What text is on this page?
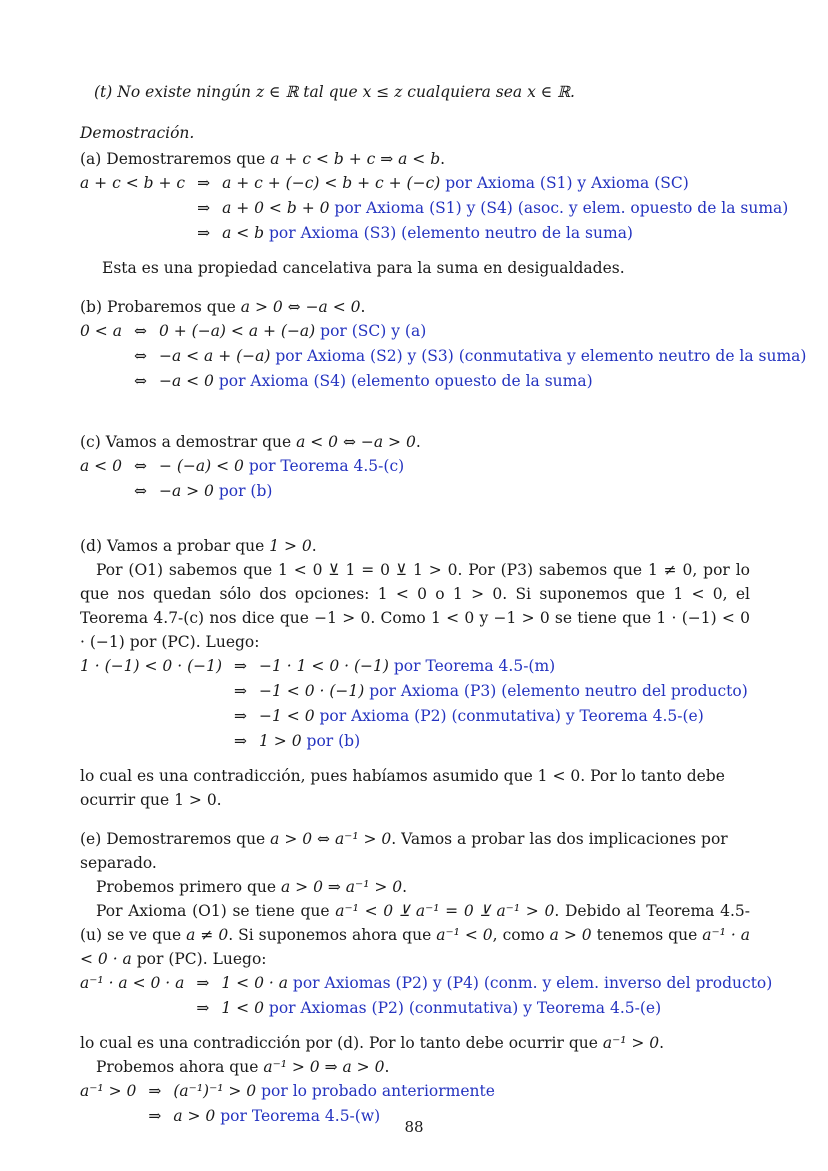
(t) No existe ningún z ∈ ℝ tal que x ≤ z cualquiera sea x ∈ ℝ.

Demostración.

(a) Demostraremos que a + c < b + c ⇒ a < b.

a + c < b + c	⇒	a + c + (−c) < b + c + (−c) por Axioma (S1) y Axioma (SC)
	⇒	a + 0 < b + 0 por Axioma (S1) y (S4) (asoc. y elem. opuesto de la suma)
	⇒	a < b por Axioma (S3) (elemento neutro de la suma)

Esta es una propiedad cancelativa para la suma en desigualdades.

(b) Probaremos que a > 0 ⇔ −a < 0.

0 < a	⇔	0 + (−a) < a + (−a) por (SC) y (a)
	⇔	−a < a + (−a) por Axioma (S2) y (S3) (conmutativa y elemento neutro de la suma)
	⇔	−a < 0 por Axioma (S4) (elemento opuesto de la suma)

(c) Vamos a demostrar que a < 0 ⇔ −a > 0.

a < 0	⇔	− (−a) < 0 por Teorema 4.5-(c)
	⇔	−a > 0 por (b)

(d) Vamos a probar que 1 > 0.

Por (O1) sabemos que 1 < 0 ⊻ 1 = 0 ⊻ 1 > 0. Por (P3) sabemos que 1 ≠ 0, por lo que nos quedan sólo dos opciones: 1 < 0 o 1 > 0. Si suponemos que 1 < 0, el Teorema 4.7-(c) nos dice que −1 > 0. Como 1 < 0 y −1 > 0 se tiene que 1 · (−1) < 0 · (−1) por (PC). Luego:

1 · (−1) < 0 · (−1)	⇒	−1 · 1 < 0 · (−1) por Teorema 4.5-(m)
	⇒	−1 < 0 · (−1) por Axioma (P3) (elemento neutro del producto)
	⇒	−1 < 0 por Axioma (P2) (conmutativa) y Teorema 4.5-(e)
	⇒	1 > 0 por (b)

lo cual es una contradicción, pues habíamos asumido que 1 < 0. Por lo tanto debe ocurrir que 1 > 0.

(e) Demostraremos que a > 0 ⇔ a⁻¹ > 0. Vamos a probar las dos implicaciones por separado.

Probemos primero que a > 0 ⇒ a⁻¹ > 0.

Por Axioma (O1) se tiene que a⁻¹ < 0 ⊻ a⁻¹ = 0 ⊻ a⁻¹ > 0. Debido al Teorema 4.5-(u) se ve que a ≠ 0. Si suponemos ahora que a⁻¹ < 0, como a > 0 tenemos que a⁻¹ · a < 0 · a por (PC). Luego:

a⁻¹ · a < 0 · a	⇒	1 < 0 · a por Axiomas (P2) y (P4) (conm. y elem. inverso del producto)
	⇒	1 < 0 por Axiomas (P2) (conmutativa) y Teorema 4.5-(e)

lo cual es una contradicción por (d). Por lo tanto debe ocurrir que a⁻¹ > 0.

Probemos ahora que a⁻¹ > 0 ⇒ a > 0.

a⁻¹ > 0	⇒	(a⁻¹)⁻¹ > 0 por lo probado anteriormente
	⇒	a > 0 por Teorema 4.5-(w)
88
